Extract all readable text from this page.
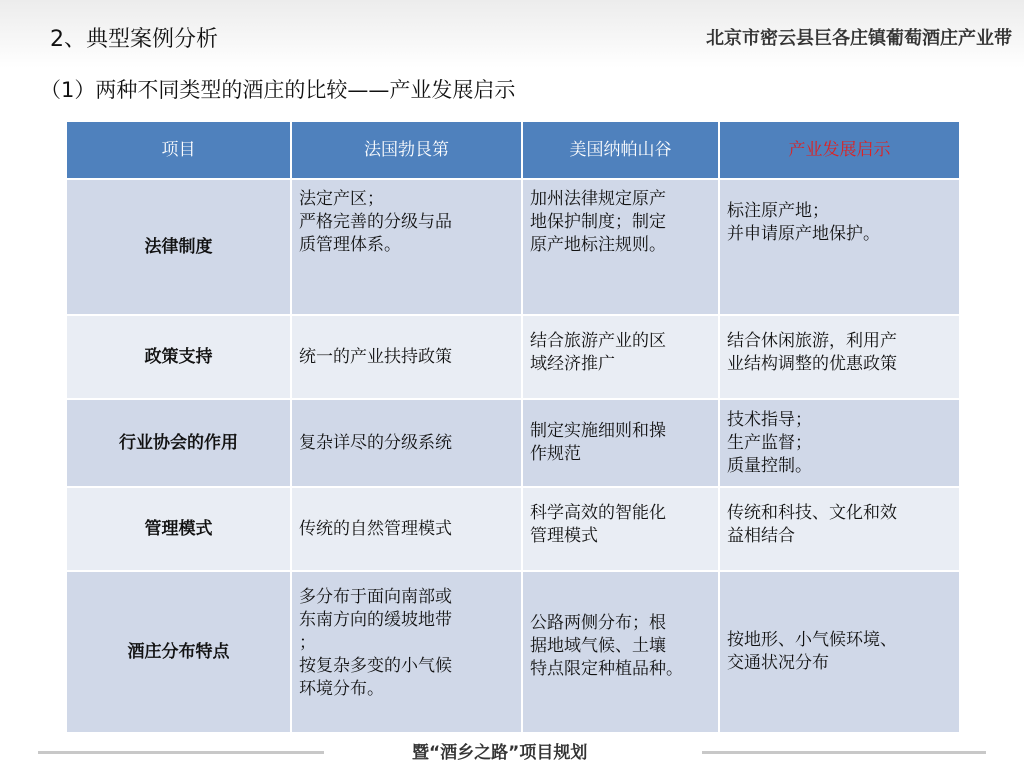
2、典型案例分析	北京市密云县巨各庄镇葡萄酒庄产业带
（1）两种不同类型的酒庄的比较——产业发展启示
项目	法国勃艮第	美国纳帕山谷	产业发展启示
法律制度	法定产区；
严格完善的分级与品
质管理体系。	加州法律规定原产
地保护制度；制定
原产地标注规则。	标注原产地；
并申请原产地保护。

政策支持	统一的产业扶持政策	结合旅游产业的区
域经济推广	结合休闲旅游，利用产
业结构调整的优惠政策

行业协会的作用	复杂详尽的分级系统	制定实施细则和操
作规范	技术指导；
生产监督；
质量控制。

管理模式	传统的自然管理模式	科学高效的智能化
管理模式	传统和科技、文化和效
益相结合

酒庄分布特点	多分布于面向南部或
东南方向的缓坡地带
；
按复杂多变的小气候
环境分布。	公路两侧分布；根
据地域气候、土壤
特点限定种植品种。	按地形、小气候环境、
交通状况分布
暨“酒乡之路”项目规划
